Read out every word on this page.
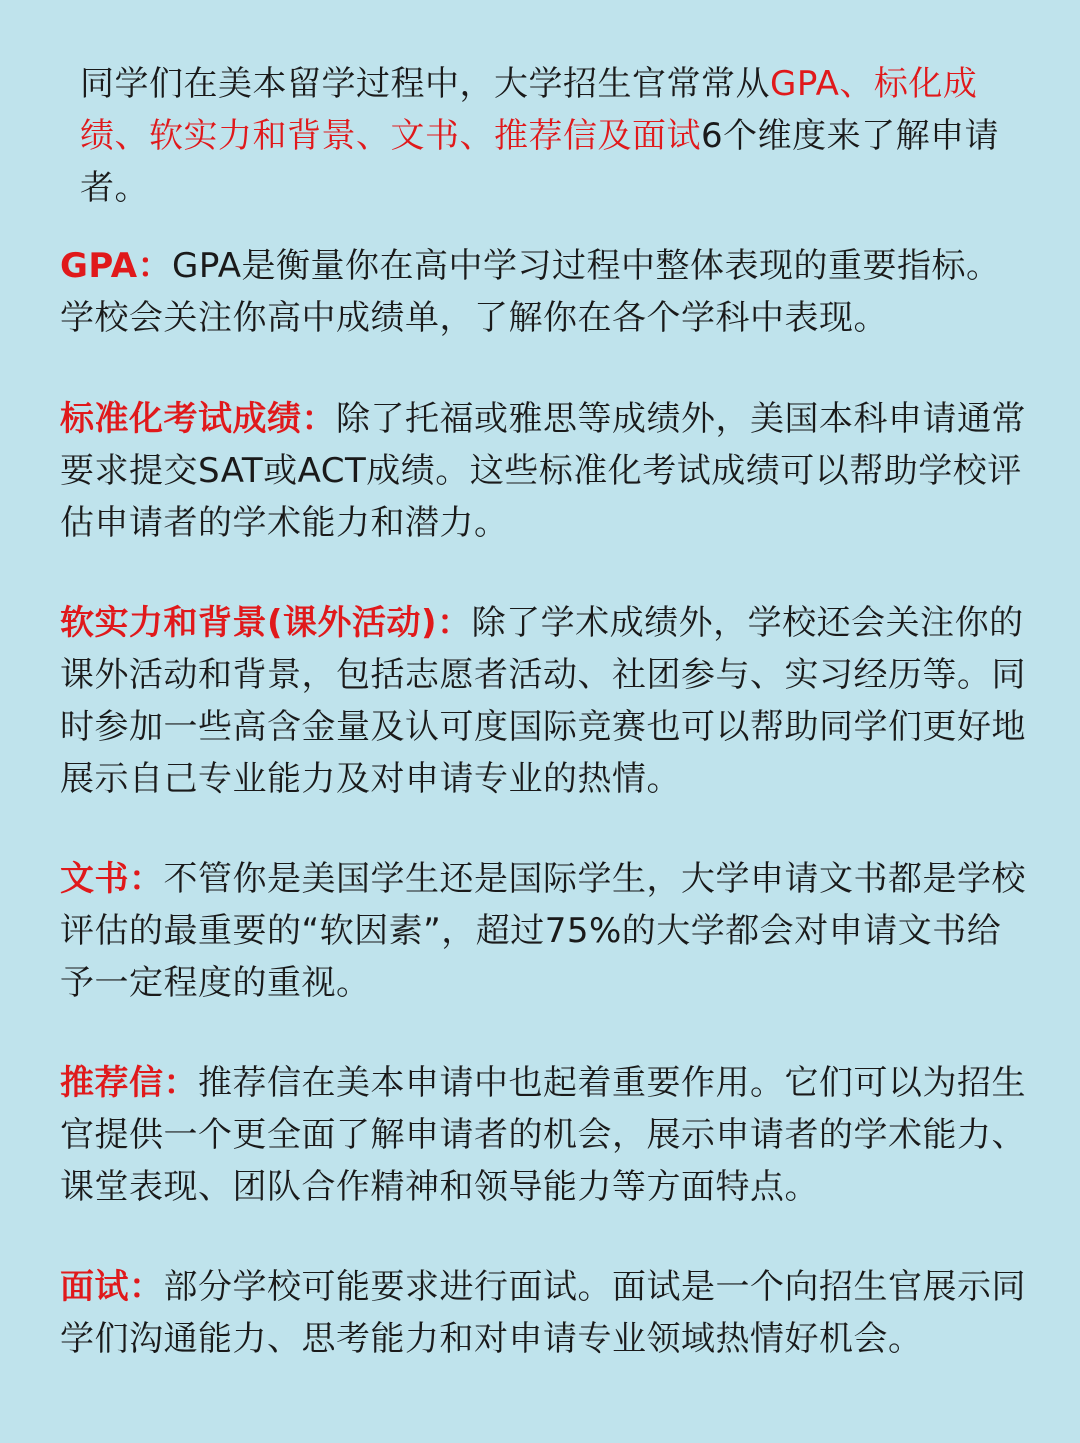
同学们在美本留学过程中，大学招生官常常从GPA、标化成绩、软实力和背景、文书、推荐信及面试6个维度来了解申请者。

GPA：GPA是衡量你在高中学习过程中整体表现的重要指标。学校会关注你高中成绩单，了解你在各个学科中表现。

标准化考试成绩：除了托福或雅思等成绩外，美国本科申请通常要求提交SAT或ACT成绩。这些标准化考试成绩可以帮助学校评估申请者的学术能力和潜力。

软实力和背景(课外活动)：除了学术成绩外，学校还会关注你的课外活动和背景，包括志愿者活动、社团参与、实习经历等。同时参加一些高含金量及认可度国际竞赛也可以帮助同学们更好地展示自己专业能力及对申请专业的热情。

文书：不管你是美国学生还是国际学生，大学申请文书都是学校评估的最重要的“软因素”，超过75%的大学都会对申请文书给予一定程度的重视。

推荐信：推荐信在美本申请中也起着重要作用。它们可以为招生官提供一个更全面了解申请者的机会，展示申请者的学术能力、课堂表现、团队合作精神和领导能力等方面特点。

面试：部分学校可能要求进行面试。面试是一个向招生官展示同学们沟通能力、思考能力和对申请专业领域热情好机会。
